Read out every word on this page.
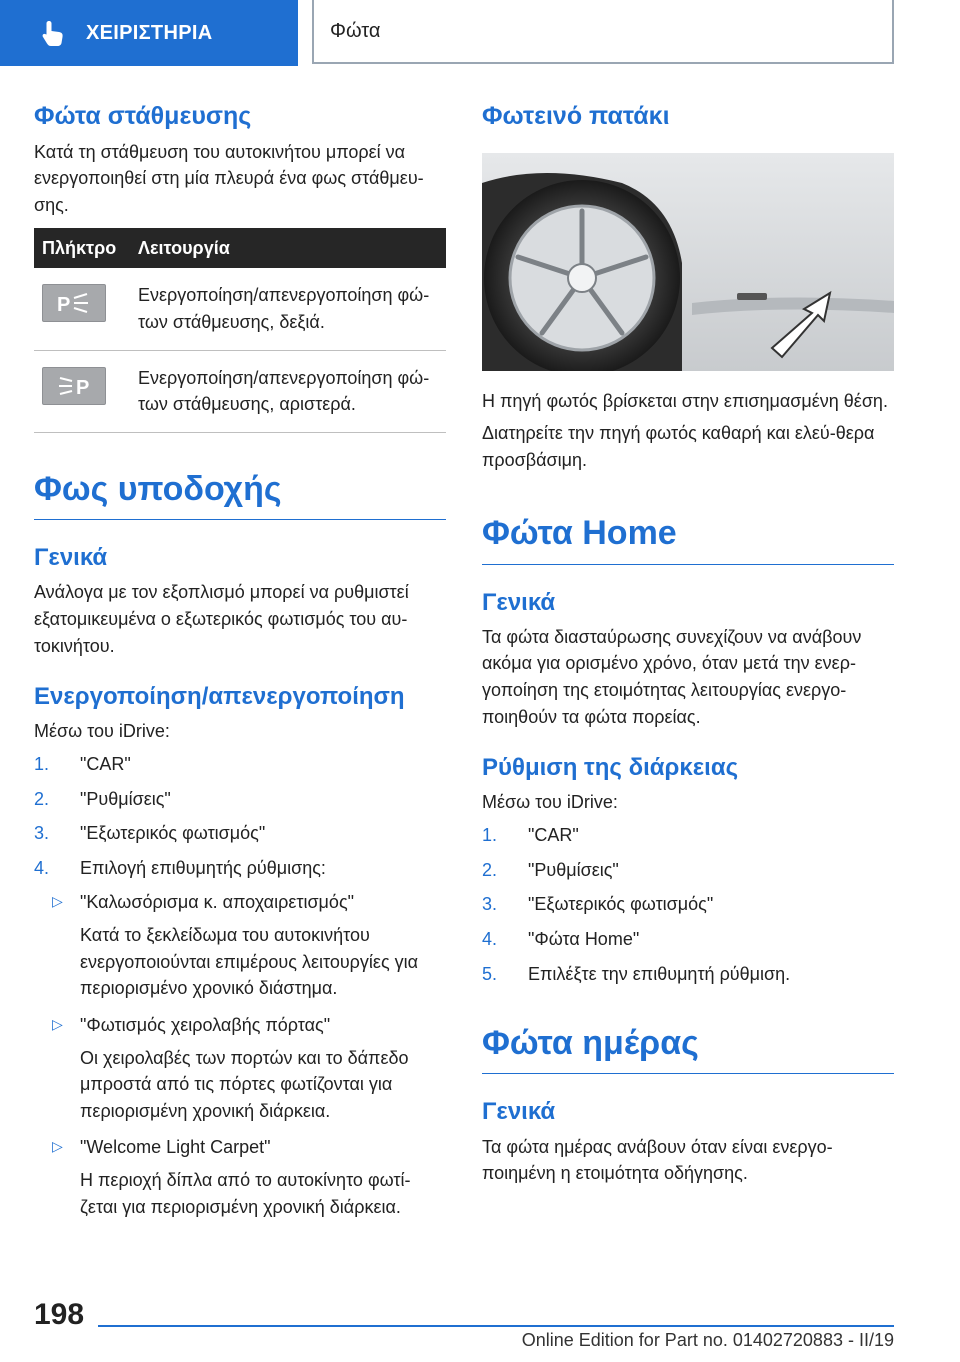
ΧΕΙΡΙΣΤΗΡΙΑ	Φώτα
Φώτα στάθμευσης

Κατά τη στάθμευση του αυτοκινήτου μπορεί να ενεργοποιηθεί στη μία πλευρά ένα φως στάθμευ-σης.

Πλήκτρο	Λειτουργία

P	Ενεργοποίηση/απενεργοποίηση φώ-των στάθμευσης, δεξιά.

P	Ενεργοποίηση/απενεργοποίηση φώ-των στάθμευσης, αριστερά.
Φως υποδοχής
Γενικά

Ανάλογα με τον εξοπλισμό μπορεί να ρυθμιστεί εξατομικευμένα ο εξωτερικός φωτισμός του αυ-τοκινήτου.

Ενεργοποίηση/απενεργοποίηση

Μέσω του iDrive:

1. "CAR"
2. "Ρυθμίσεις"
3. "Εξωτερικός φωτισμός"
4. Επιλογή επιθυμητής ρύθμισης:
▷ "Καλωσόρισμα κ. αποχαιρετισμός"
Κατά το ξεκλείδωμα του αυτοκινήτου ενεργοποιούνται επιμέρους λειτουργίες για περιορισμένο χρονικό διάστημα.
▷ "Φωτισμός χειρολαβής πόρτας"
Οι χειρολαβές των πορτών και το δάπεδο μπροστά από τις πόρτες φωτίζονται για περιορισμένη χρονική διάρκεια.
▷ "Welcome Light Carpet"
Η περιοχή δίπλα από το αυτοκίνητο φωτί-ζεται για περιορισμένη χρονική διάρκεια.
Φωτεινό πατάκι

Η πηγή φωτός βρίσκεται στην επισημασμένη θέση.

Διατηρείτε την πηγή φωτός καθαρή και ελεύ-θερα προσβάσιμη.

Φώτα Home
Γενικά

Τα φώτα διασταύρωσης συνεχίζουν να ανάβουν ακόμα για ορισμένο χρόνο, όταν μετά την ενερ-γοποίηση της ετοιμότητας λειτουργίας ενεργο-ποιηθούν τα φώτα πορείας.

Ρύθμιση της διάρκειας

Μέσω του iDrive:

1. "CAR"
2. "Ρυθμίσεις"
3. "Εξωτερικός φωτισμός"
4. "Φώτα Home"
5. Επιλέξτε την επιθυμητή ρύθμιση.
Φώτα ημέρας
Γενικά

Τα φώτα ημέρας ανάβουν όταν είναι ενεργο-ποιημένη η ετοιμότητα οδήγησης.

198
Online Edition for Part no. 01402720883 - II/19
